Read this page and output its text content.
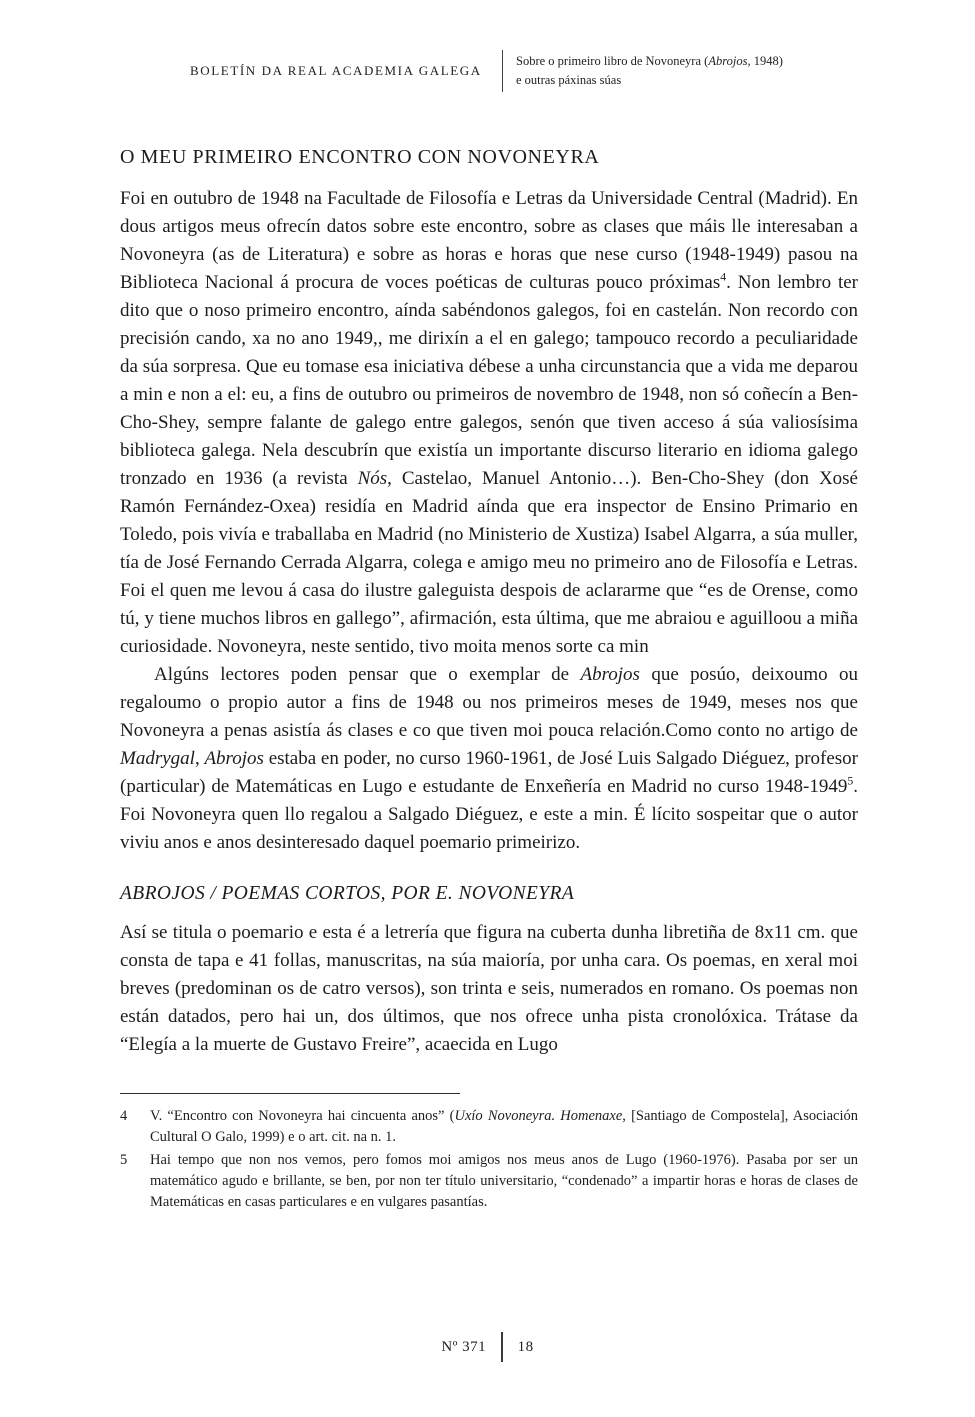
BOLETÍN DA REAL ACADEMIA GALEGA
Sobre o primeiro libro de Novoneyra (Abrojos, 1948)
e outras páxinas súas
O MEU PRIMEIRO ENCONTRO CON NOVONEYRA

Foi en outubro de 1948 na Facultade de Filosofía e Letras da Universidade Central (Madrid). En dous artigos meus ofrecín datos sobre este encontro, sobre as clases que máis lle interesaban a Novoneyra (as de Literatura) e sobre as horas e horas que nese curso (1948-1949) pasou na Biblioteca Nacional á procura de voces poéticas de culturas pouco próximas$^4$. Non lembro ter dito que o noso primeiro encontro, aínda sabéndonos galegos, foi en castelán. Non recordo con precisión cando, xa no ano 1949,, me dirixín a el en galego; tampouco recordo a peculiaridade da súa sorpresa. Que eu tomase esa iniciativa débese a unha circunstancia que a vida me deparou a min e non a el: eu, a fins de outubro ou primeiros de novembro de 1948, non só coñecín a Ben-Cho-Shey, sempre falante de galego entre galegos, senón que tiven acceso á súa valiosísima biblioteca galega. Nela descubrín que existía un importante discurso literario en idioma galego tronzado en 1936 (a revista Nós, Castelao, Manuel Antonio…). Ben-Cho-Shey (don Xosé Ramón Fernández-Oxea) residía en Madrid aínda que era inspector de Ensino Primario en Toledo, pois vivía e traballaba en Madrid (no Ministerio de Xustiza) Isabel Algarra, a súa muller, tía de José Fernando Cerrada Algarra, colega e amigo meu no primeiro ano de Filosofía e Letras. Foi el quen me levou á casa do ilustre galeguista despois de aclararme que “es de Orense, como tú, y tiene muchos libros en gallego”, afirmación, esta última, que me abraiou e aguilloou a miña curiosidade. Novoneyra, neste sentido, tivo moita menos sorte ca min

Algúns lectores poden pensar que o exemplar de Abrojos que posúo, deixoumo ou regaloumo o propio autor a fins de 1948 ou nos primeiros meses de 1949, meses nos que Novoneyra a penas asistía ás clases e co que tiven moi pouca relación.Como conto no artigo de Madrygal, Abrojos estaba en poder, no curso 1960-1961, de José Luis Salgado Diéguez, profesor (particular) de Matemáticas en Lugo e estudante de Enxeñería en Madrid no curso 1948-1949$^5$. Foi Novoneyra quen llo regalou a Salgado Diéguez, e este a min. É lícito sospeitar que o autor viviu anos e anos desinteresado daquel poemario primeirizo.

ABROJOS / POEMAS CORTOS, POR E. NOVONEYRA

Así se titula o poemario e esta é a letrería que figura na cuberta dunha libretiña de 8x11 cm. que consta de tapa e 41 follas, manuscritas, na súa maioría, por unha cara. Os poemas, en xeral moi breves (predominan os de catro versos), son trinta e seis, numerados en romano. Os poemas non están datados, pero hai un, dos últimos, que nos ofrece unha pista cronolóxica. Trátase da “Elegía a la muerte de Gustavo Freire”, acaecida en Lugo

4	V. “Encontro con Novoneyra hai cincuenta anos” (Uxío Novoneyra. Homenaxe, [Santiago de Compostela], Asociación Cultural O Galo, 1999) e o art. cit. na n. 1.
5	Hai tempo que non nos vemos, pero fomos moi amigos nos meus anos de Lugo (1960-1976). Pasaba por ser un matemático agudo e brillante, se ben, por non ter título universitario, “condenado” a impartir horas e horas de clases de Matemáticas en casas particulares e en vulgares pasantías.
Nº 371	18
